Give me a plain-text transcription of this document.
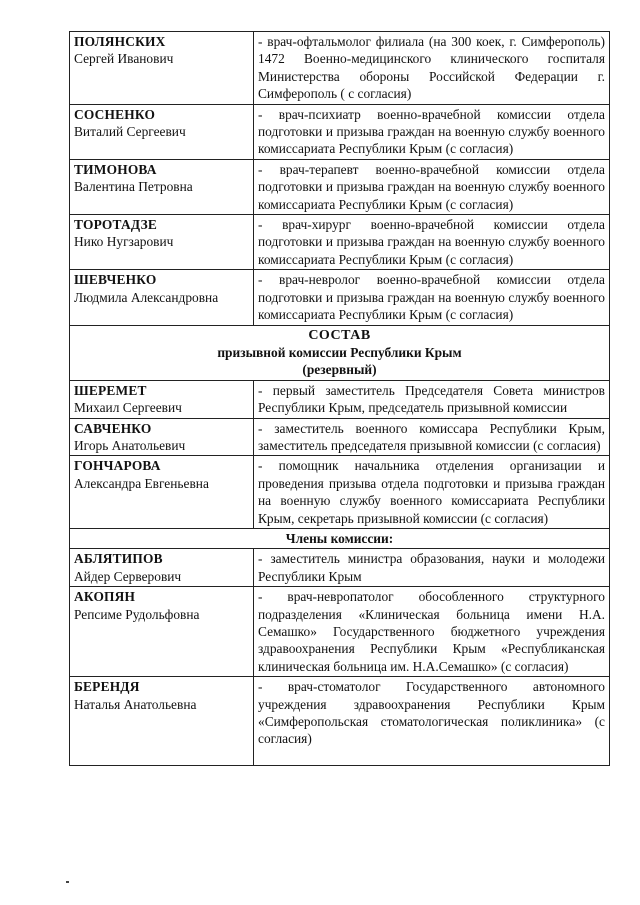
ПОЛЯНСКИХ
Сергей Иванович	- врач-офтальмолог филиала (на 300 коек, г. Симферополь) 1472 Военно-медицинского клинического госпиталя Министерства обороны Российской Федерации г. Симферополь ( с согласия)

СОСНЕНКО
Виталий Сергеевич	- врач-психиатр военно-врачебной комиссии отдела подготовки и призыва граждан на военную службу военного комиссариата Республики Крым (с согласия)

ТИМОНОВА
Валентина Петровна	- врач-терапевт военно-врачебной комиссии отдела подготовки и призыва граждан на военную службу военного комиссариата Республики Крым (с согласия)

ТОРОТАДЗЕ
Нико Нугзарович	- врач-хирург военно-врачебной комиссии отдела подготовки и призыва граждан на военную службу военного комиссариата Республики Крым (с согласия)

ШЕВЧЕНКО
Людмила Александровна	- врач-невролог военно-врачебной комиссии отдела подготовки и призыва граждан на военную службу военного комиссариата Республики Крым (с согласия)

СОСТАВ
призывной комиссии Республики Крым
(резервный)	

ШЕРЕМЕТ
Михаил Сергеевич	- первый заместитель Председателя Совета министров Республики Крым, председатель призывной комиссии

САВЧЕНКО
Игорь Анатольевич	- заместитель военного комиссара Республики Крым, заместитель председателя призывной комиссии (с согласия)

ГОНЧАРОВА
Александра Евгеньевна	- помощник начальника отделения организации и проведения призыва отдела подготовки и призыва граждан на военную службу военного комиссариата Республики Крым, секретарь призывной комиссии (с согласия)
Члены комиссии:	

АБЛЯТИПОВ
Айдер Серверович	- заместитель министра образования, науки и молодежи Республики Крым

АКОПЯН
Репсиме Рудольфовна	- врач-невропатолог обособленного структурного подразделения «Клиническая больница имени Н.А. Семашко» Государственного бюджетного учреждения здравоохранения Республики Крым «Республиканская клиническая больница им. Н.А.Семашко» (с согласия)

БЕРЕНДЯ
Наталья Анатольевна	- врач-стоматолог Государственного автономного учреждения здравоохранения Республики Крым «Симферопольская стоматологическая поликлиника» (с согласия)
